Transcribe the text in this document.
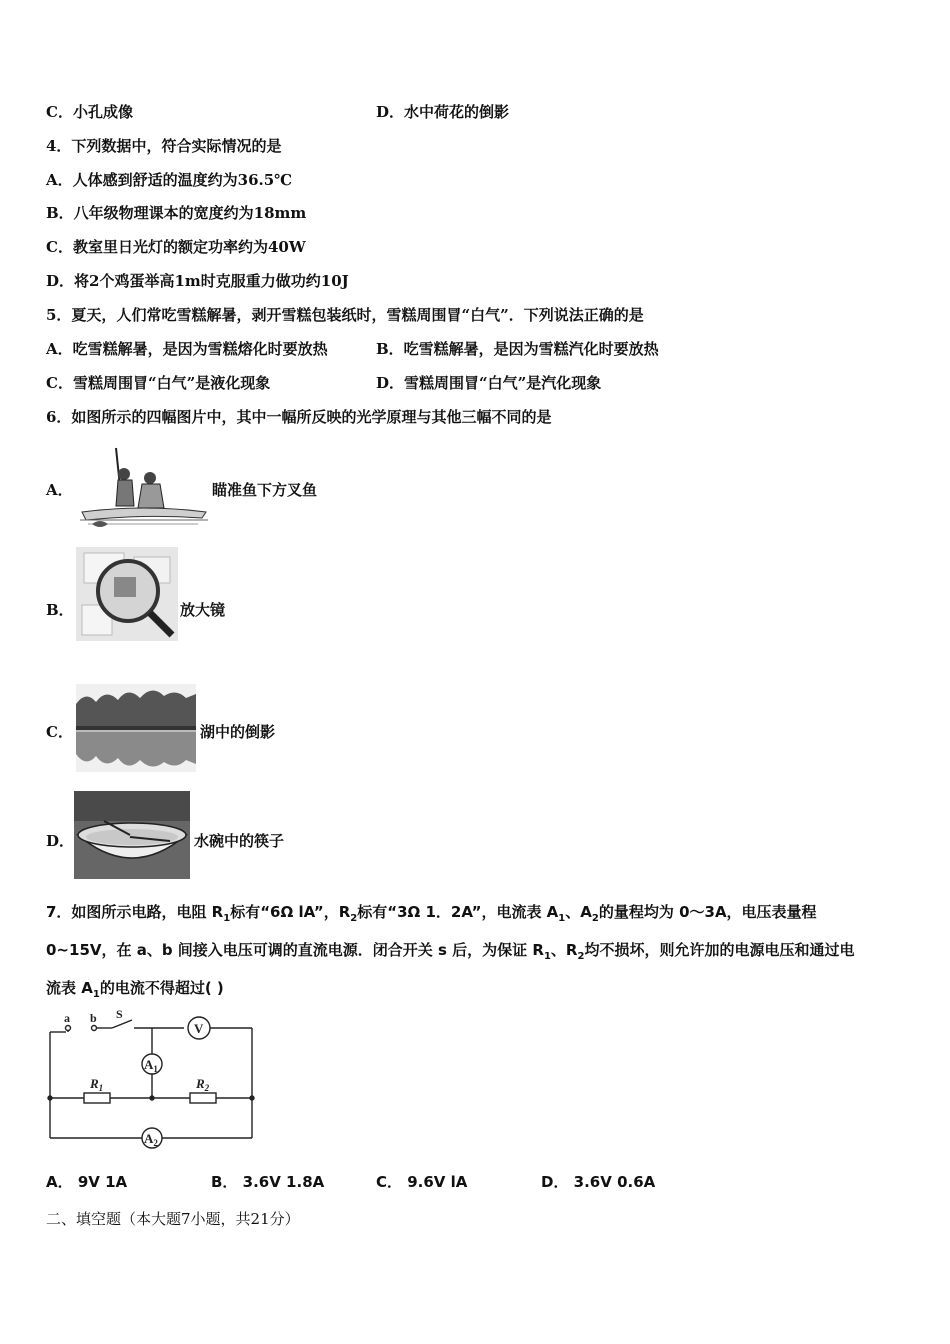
C．小孔成像	D．水中荷花的倒影
4．下列数据中，符合实际情况的是
A．人体感到舒适的温度约为36.5℃
B．八年级物理课本的宽度约为18mm
C．教室里日光灯的额定功率约为40W
D．将2个鸡蛋举高1m时克服重力做功约10J
5．夏天，人们常吃雪糕解暑，剥开雪糕包装纸时，雪糕周围冒“白气”．下列说法正确的是
A．吃雪糕解暑，是因为雪糕熔化时要放热	B．吃雪糕解暑，是因为雪糕汽化时要放热
C．雪糕周围冒“白气”是液化现象	D．雪糕周围冒“白气”是汽化现象
6．如图所示的四幅图片中，其中一幅所反映的光学原理与其他三幅不同的是
A．	瞄准鱼下方叉鱼
B．	放大镜
C．	湖中的倒影
D．	水碗中的筷子
7．如图所示电路，电阻 $R_1$标有“6Ω lA”，$R_2$标有“3Ω 1．2A”，电流表 $A_1$、$A_2$的量程均为 0～3A，电压表量程
0~15V，在 a、b 间接入电压可调的直流电源．闭合开关 s 后，为保证 $R_1$、$R_2$均不损坏，则允许加的电源电压和通过电
流表 $A_1$的电流不得超过( )
a b S
V
$A_1$
$R_1$	$R_2$
$A_2$
A． 9V 1A	B． 3.6V 1.8A	C． 9.6V lA	D． 3.6V 0.6A
二、填空题（本大题7小题，共21分）
